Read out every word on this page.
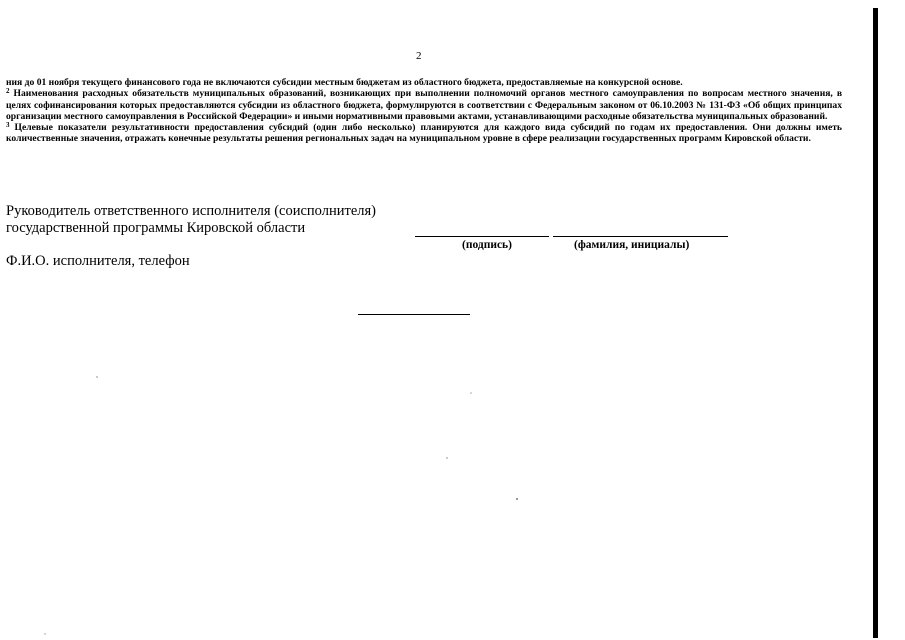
2

ния до 01 ноября текущего финансового года не включаются субсидии местным бюджетам из областного бюджета, предоставляемые на конкурсной основе.

$^2$ Наименования расходных обязательств муниципальных образований, возникающих при выполнении полномочий органов местного самоуправления по вопросам местного значения, в целях софинансирования которых предоставляются субсидии из областного бюджета, формулируются в соответствии с Федеральным законом от 06.10.2003 № 131-ФЗ «Об общих принципах организации местного самоуправления в Российской Федерации» и иными нормативными правовыми актами, устанавливающими расходные обязательства муниципальных образований.

$^3$ Целевые показатели результативности предоставления субсидий (один либо несколько) планируются для каждого вида субсидий по годам их предоставления. Они должны иметь количественные значения, отражать конечные результаты решения региональных задач на муниципальном уровне в сфере реализации государственных программ Кировской области.

Руководитель ответственного исполнителя (соисполнителя)
государственной программы Кировской области
(подпись)	(фамилия, инициалы)
Ф.И.О. исполнителя, телефон
